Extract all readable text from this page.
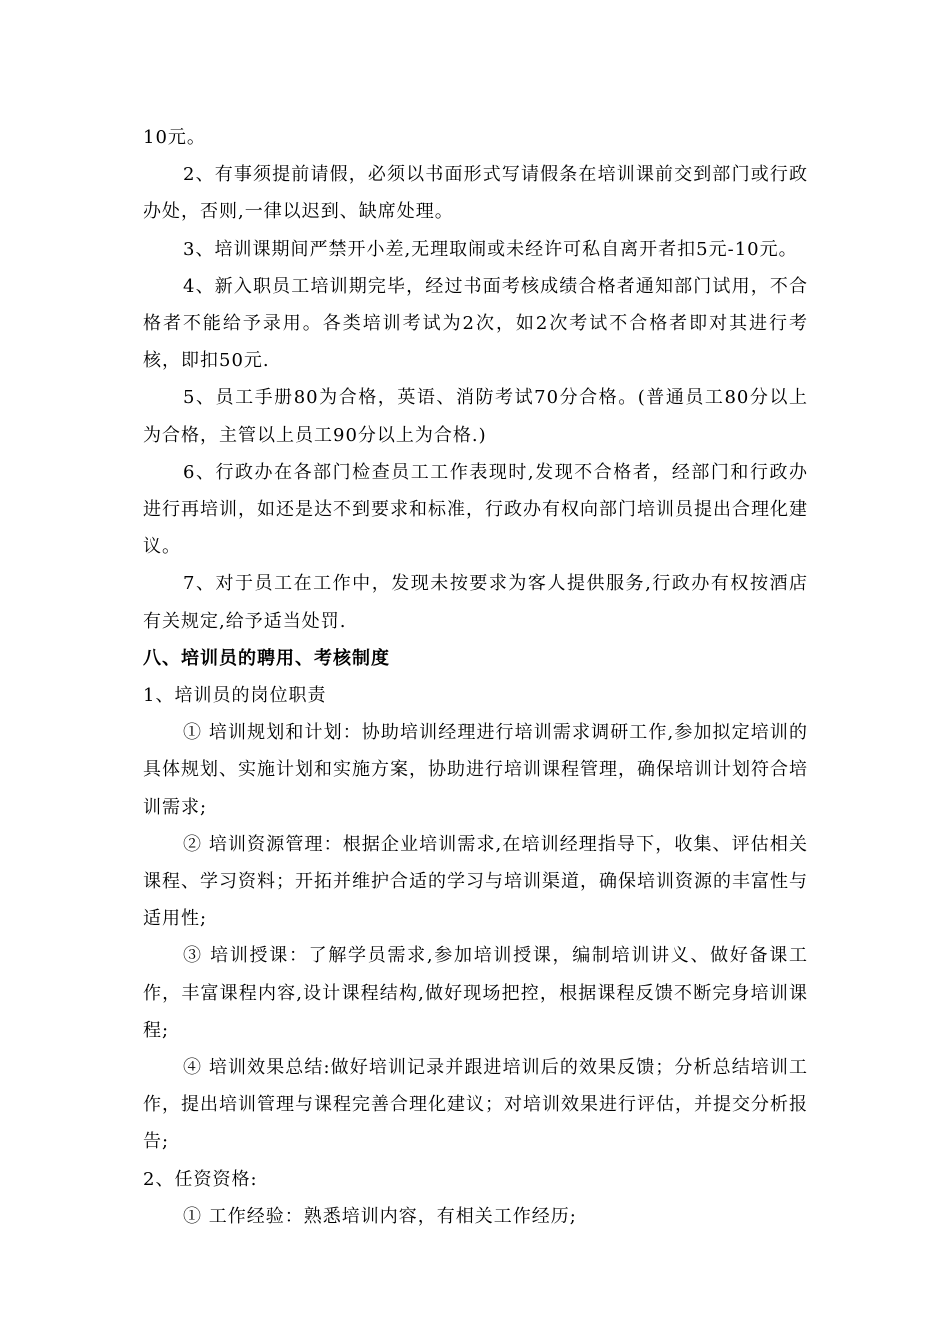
10元。

2、有事须提前请假，必须以书面形式写请假条在培训课前交到部门或行政办处，否则,一律以迟到、缺席处理。

3、培训课期间严禁开小差,无理取闹或未经许可私自离开者扣5元-10元。

4、新入职员工培训期完毕，经过书面考核成绩合格者通知部门试用，不合格者不能给予录用。各类培训考试为2次，如2次考试不合格者即对其进行考核，即扣50元.

5、员工手册80为合格，英语、消防考试70分合格。(普通员工80分以上为合格，主管以上员工90分以上为合格.)

6、行政办在各部门检查员工工作表现时,发现不合格者，经部门和行政办进行再培训，如还是达不到要求和标准，行政办有权向部门培训员提出合理化建议。

7、对于员工在工作中，发现未按要求为客人提供服务,行政办有权按酒店有关规定,给予适当处罚.

八、培训员的聘用、考核制度

1、培训员的岗位职责

① 培训规划和计划：协助培训经理进行培训需求调研工作,参加拟定培训的具体规划、实施计划和实施方案，协助进行培训课程管理，确保培训计划符合培训需求;

② 培训资源管理：根据企业培训需求,在培训经理指导下，收集、评估相关课程、学习资料；开拓并维护合适的学习与培训渠道，确保培训资源的丰富性与适用性;

③ 培训授课：了解学员需求,参加培训授课，编制培训讲义、做好备课工作，丰富课程内容,设计课程结构,做好现场把控，根据课程反馈不断完身培训课程;

④ 培训效果总结:做好培训记录并跟进培训后的效果反馈；分析总结培训工作，提出培训管理与课程完善合理化建议；对培训效果进行评估，并提交分析报告;

2、任资资格:

① 工作经验：熟悉培训内容，有相关工作经历;
